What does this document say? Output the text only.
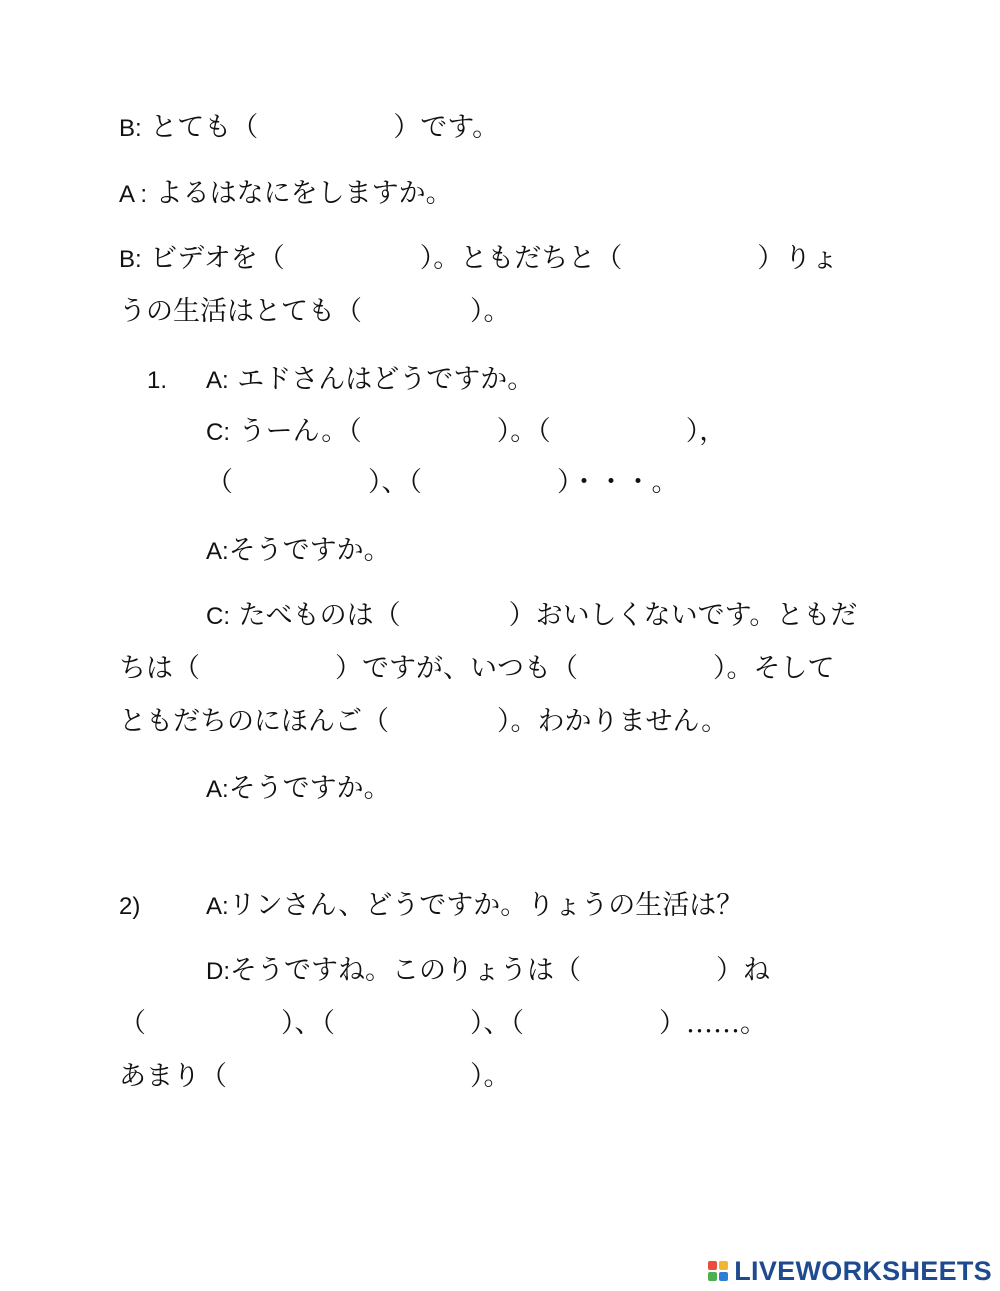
B: とても（　　　　　）です。
A : よるはなにをしますか。
B: ビデオを（　　　　　）。ともだちと（　　　　　）りょ
うの生活はとても（　　　　）。
1. A: エドさんはどうですか。
C: うーん。（　　　　　）。（　　　　　），
（　　　　　）、（　　　　　）・・・。
A:そうですか。
C: たべものは（　　　　）おいしくないです。ともだ
ちは（　　　　　）ですが、いつも（　　　　　）。そして
ともだちのにほんご（　　　　）。わかりません。
A:そうですか。
2)	A:リンさん、どうですか。りょうの生活は？
D:そうですね。このりょうは（　　　　　）ね
（　　　　　）、（　　　　　）、（　　　　　）……。
あまり（　　　　　　　　　）。
LIVEWORKSHEETS
